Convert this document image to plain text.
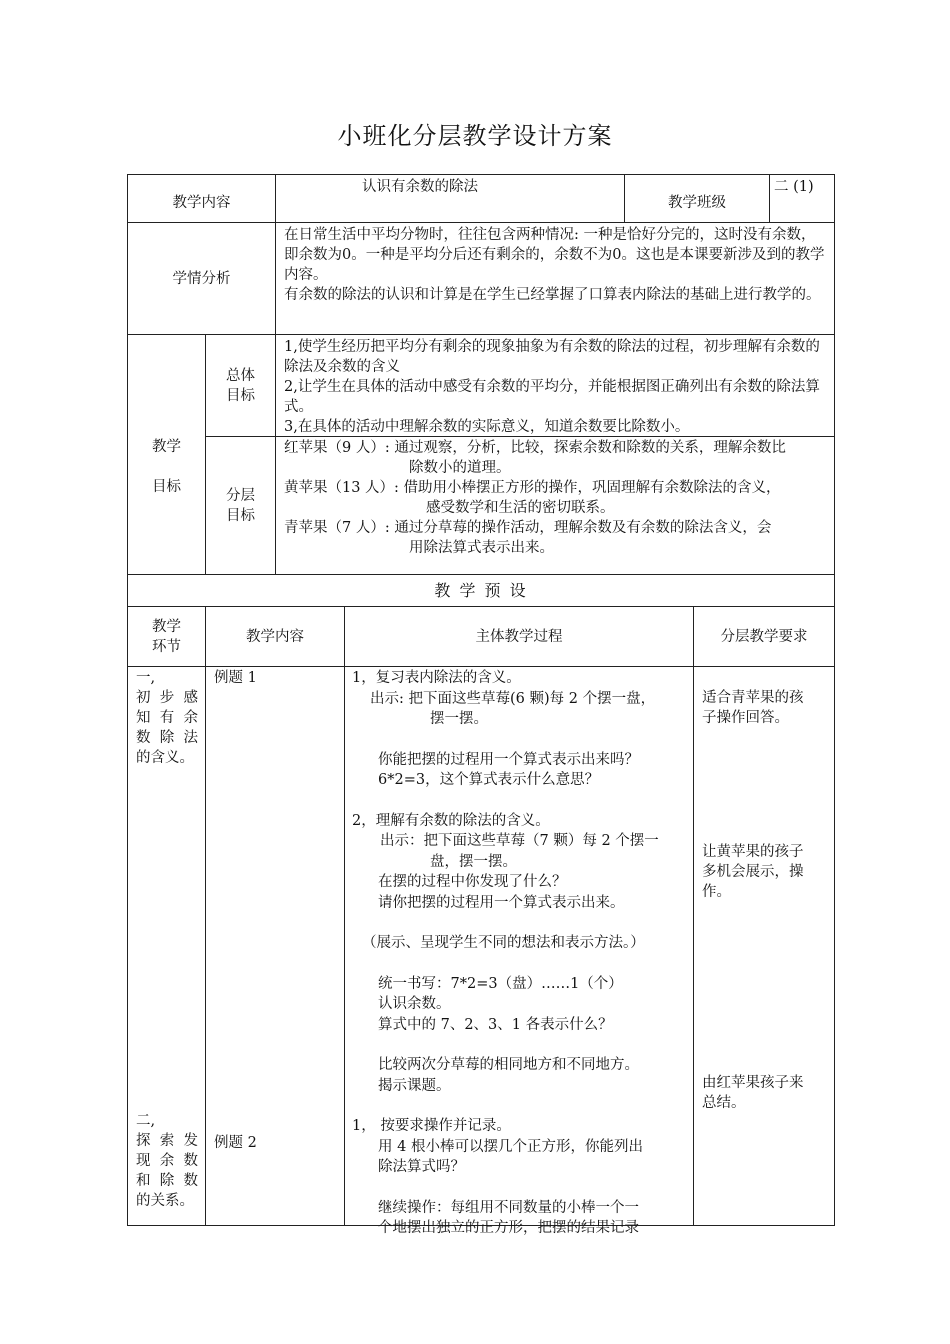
小班化分层教学设计方案
教学内容
认识有余数的除法
教学班级
二 (1)
学情分析

在日常生活中平均分物时，往往包含两种情况: 一种是恰好分完的，这时没有余数，即余数为0。一种是平均分后还有剩余的，余数不为0。这也是本课要新涉及到的教学内容。

有余数的除法的认识和计算是在学生已经掌握了口算表内除法的基础上进行教学的。

教学
目标
总体
目标

1,使学生经历把平均分有剩余的现象抽象为有余数的除法的过程，初步理解有余数的除法及余数的含义

2,让学生在具体的活动中感受有余数的平均分，并能根据图正确列出有余数的除法算式。

3,在具体的活动中理解余数的实际意义，知道余数要比除数小。

分层
目标
红苹果（9 人）: 通过观察，分析，比较，探索余数和除数的关系，理解余数比
除数小的道理。
黄苹果（13 人）: 借助用小棒摆正方形的操作，巩固理解有余数除法的含义，
感受数学和生活的密切联系。
青苹果（7 人）: 通过分草莓的操作活动，理解余数及有余数的除法含义，会
用除法算式表示出来。
教 学 预 设
教学
环节
教学内容	主体教学过程	分层教学要求
一,
初 步 感
知 有 余
数 除 法
的含义。
二,
探 索 发
现 余 数
和 除 数
的关系。
例题 1
例题 2
1，复习表内除法的含义。
出示: 把下面这些草莓(6 颗)每 2 个摆一盘，
摆一摆。
你能把摆的过程用一个算式表示出来吗？
6*2=3，这个算式表示什么意思？
2，理解有余数的除法的含义。
出示：把下面这些草莓（7 颗）每 2 个摆一
盘，摆一摆。
在摆的过程中你发现了什么？
请你把摆的过程用一个算式表示出来。
（展示、呈现学生不同的想法和表示方法。）
统一书写：7*2=3（盘）……1（个）
认识余数。
算式中的 7、2、3、1 各表示什么？
比较两次分草莓的相同地方和不同地方。
揭示课题。
1， 按要求操作并记录。
用 4 根小棒可以摆几个正方形，你能列出
除法算式吗？
继续操作：每组用不同数量的小棒一个一
个地摆出独立的正方形，把摆的结果记录
适合青苹果的孩
子操作回答。
让黄苹果的孩子
多机会展示，操
作。
由红苹果孩子来
总结。
